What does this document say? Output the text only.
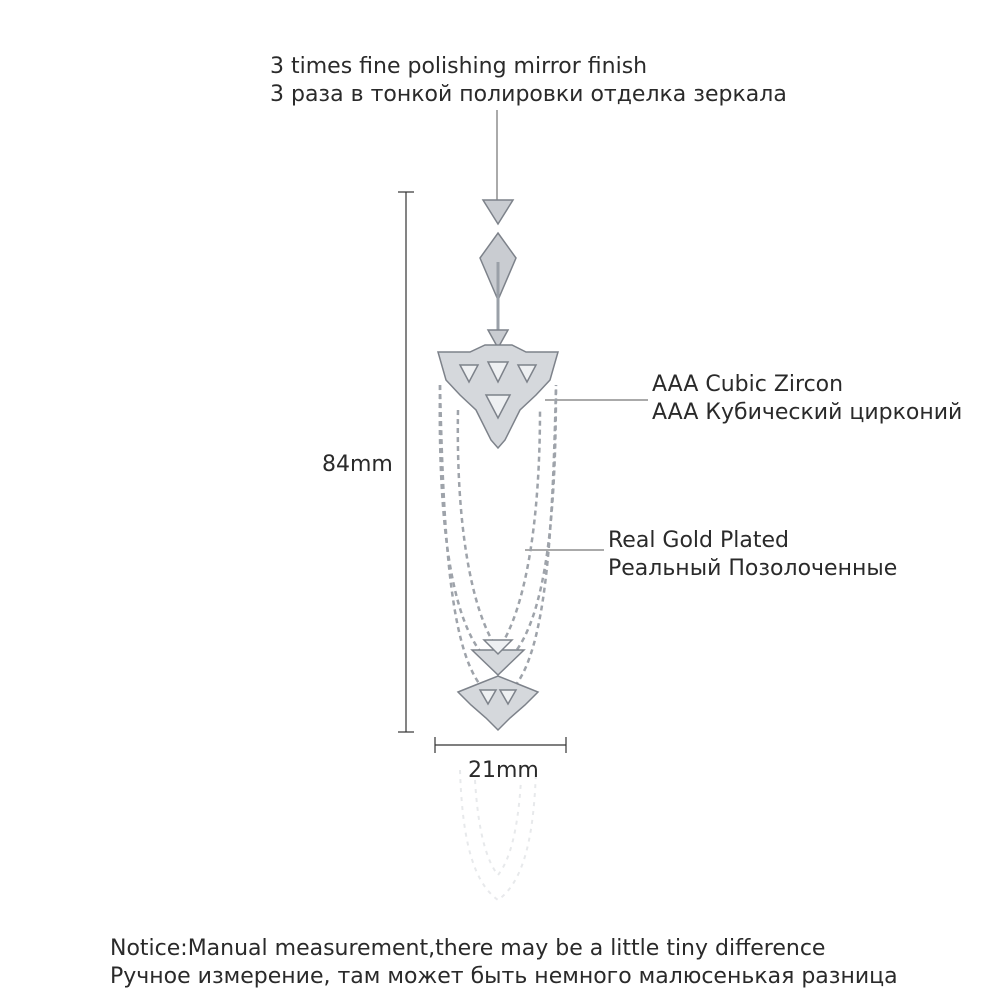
3 times fine polishing mirror finish
3 раза в тонкой полировки отделка зеркала
AAA Cubic Zircon
AAA Кубический цирконий
Real Gold Plated
Реальный Позолоченные
84mm
21mm
Notice:Manual measurement,there may be a little tiny difference
Ручное измерение, там может быть немного малюсенькая разница
